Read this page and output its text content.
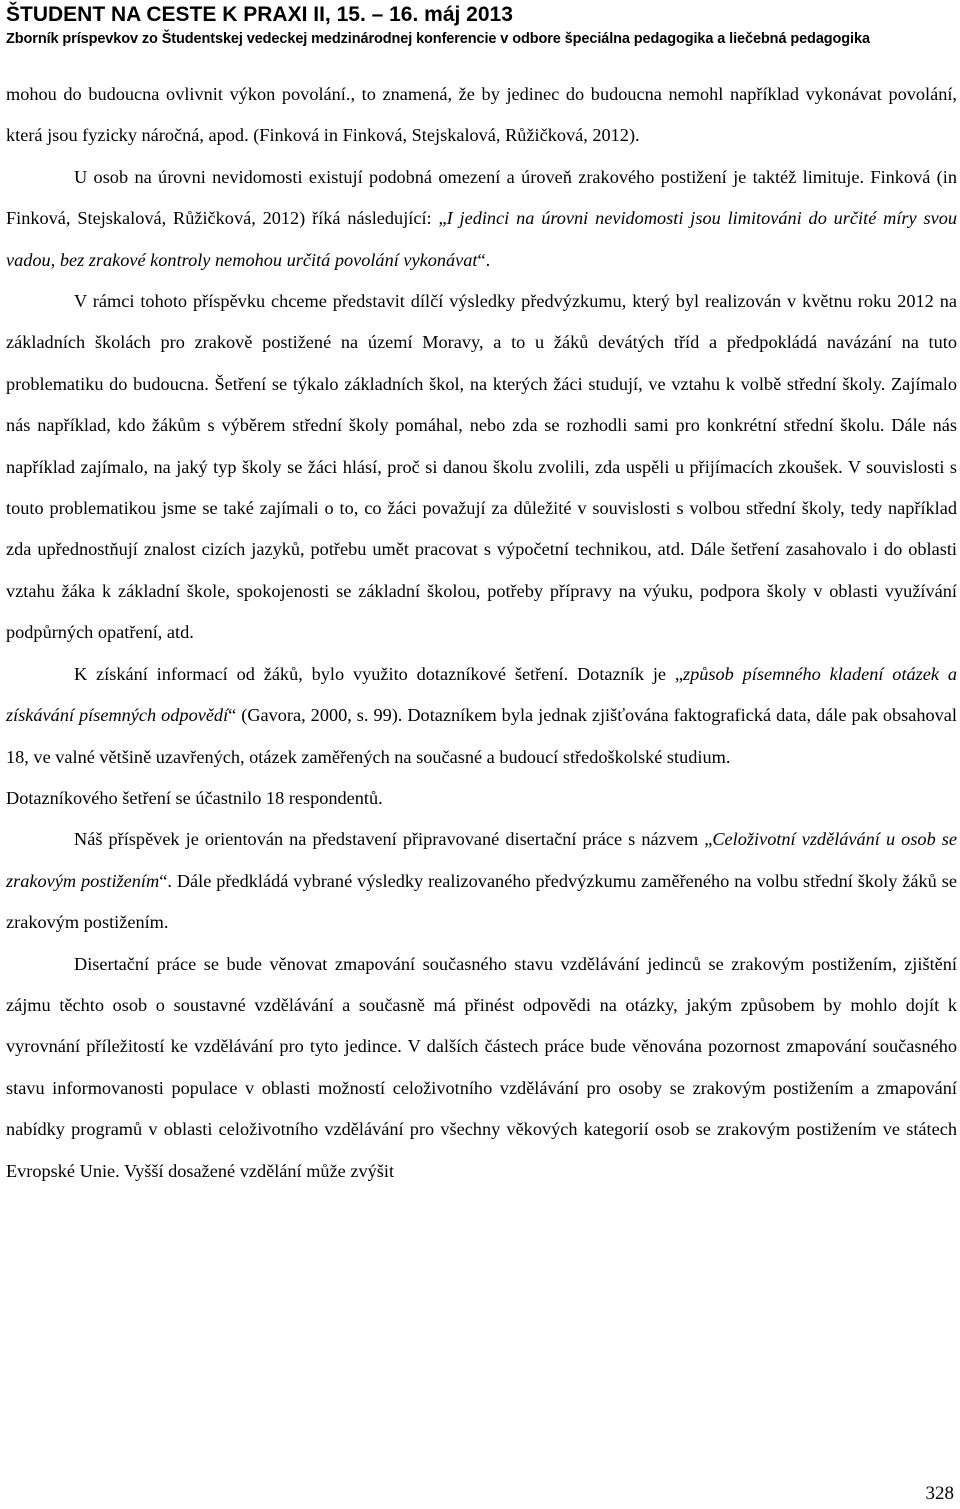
ŠTUDENT NA CESTE K PRAXI II, 15. – 16. máj 2013
Zborník príspevkov zo Študentskej vedeckej medzinárodnej konferencie v odbore špeciálna pedagogika a liečebná pedagogika

mohou do budoucna ovlivnit výkon povolání., to znamená, že by jedinec do budoucna nemohl například vykonávat povolání, která jsou fyzicky náročná, apod. (Finková in Finková, Stejskalová, Růžičková, 2012).

U osob na úrovni nevidomosti existují podobná omezení a úroveň zrakového postižení je taktéž limituje. Finková (in Finková, Stejskalová, Růžičková, 2012) říká následující: „I jedinci na úrovni nevidomosti jsou limitováni do určité míry svou vadou, bez zrakové kontroly nemohou určitá povolání vykonávat“.

V rámci tohoto příspěvku chceme představit dílčí výsledky předvýzkumu, který byl realizován v květnu roku 2012 na základních školách pro zrakově postižené na území Moravy, a to u žáků devátých tříd a předpokládá navázání na tuto problematiku do budoucna. Šetření se týkalo základních škol, na kterých žáci studují, ve vztahu k volbě střední školy. Zajímalo nás například, kdo žákům s výběrem střední školy pomáhal, nebo zda se rozhodli sami pro konkrétní střední školu. Dále nás například zajímalo, na jaký typ školy se žáci hlásí, proč si danou školu zvolili, zda uspěli u přijímacích zkoušek. V souvislosti s touto problematikou jsme se také zajímali o to, co žáci považují za důležité v souvislosti s volbou střední školy, tedy například zda upřednostňují znalost cizích jazyků, potřebu umět pracovat s výpočetní technikou, atd. Dále šetření zasahovalo i do oblasti vztahu žáka k základní škole, spokojenosti se základní školou, potřeby přípravy na výuku, podpora školy v oblasti využívání podpůrných opatření, atd.

K získání informací od žáků, bylo využito dotazníkové šetření. Dotazník je „způsob písemného kladení otázek a získávání písemných odpovědí“ (Gavora, 2000, s. 99). Dotazníkem byla jednak zjišťována faktografická data, dále pak obsahoval 18, ve valné většině uzavřených, otázek zaměřených na současné a budoucí středoškolské studium.

Dotazníkového šetření se účastnilo 18 respondentů.

Náš příspěvek je orientován na představení připravované disertační práce s názvem „Celoživotní vzdělávání u osob se zrakovým postižením“. Dále předkládá vybrané výsledky realizovaného předvýzkumu zaměřeného na volbu střední školy žáků se zrakovým postižením.

Disertační práce se bude věnovat zmapování současného stavu vzdělávání jedinců se zrakovým postižením, zjištění zájmu těchto osob o soustavné vzdělávání a současně má přinést odpovědi na otázky, jakým způsobem by mohlo dojít k vyrovnání příležitostí ke vzdělávání pro tyto jedince. V dalších částech práce bude věnována pozornost zmapování současného stavu informovanosti populace v oblasti možností celoživotního vzdělávání pro osoby se zrakovým postižením a zmapování nabídky programů v oblasti celoživotního vzdělávání pro všechny věkových kategorií osob se zrakovým postižením ve státech Evropské Unie. Vyšší dosažené vzdělání může zvýšit

328
